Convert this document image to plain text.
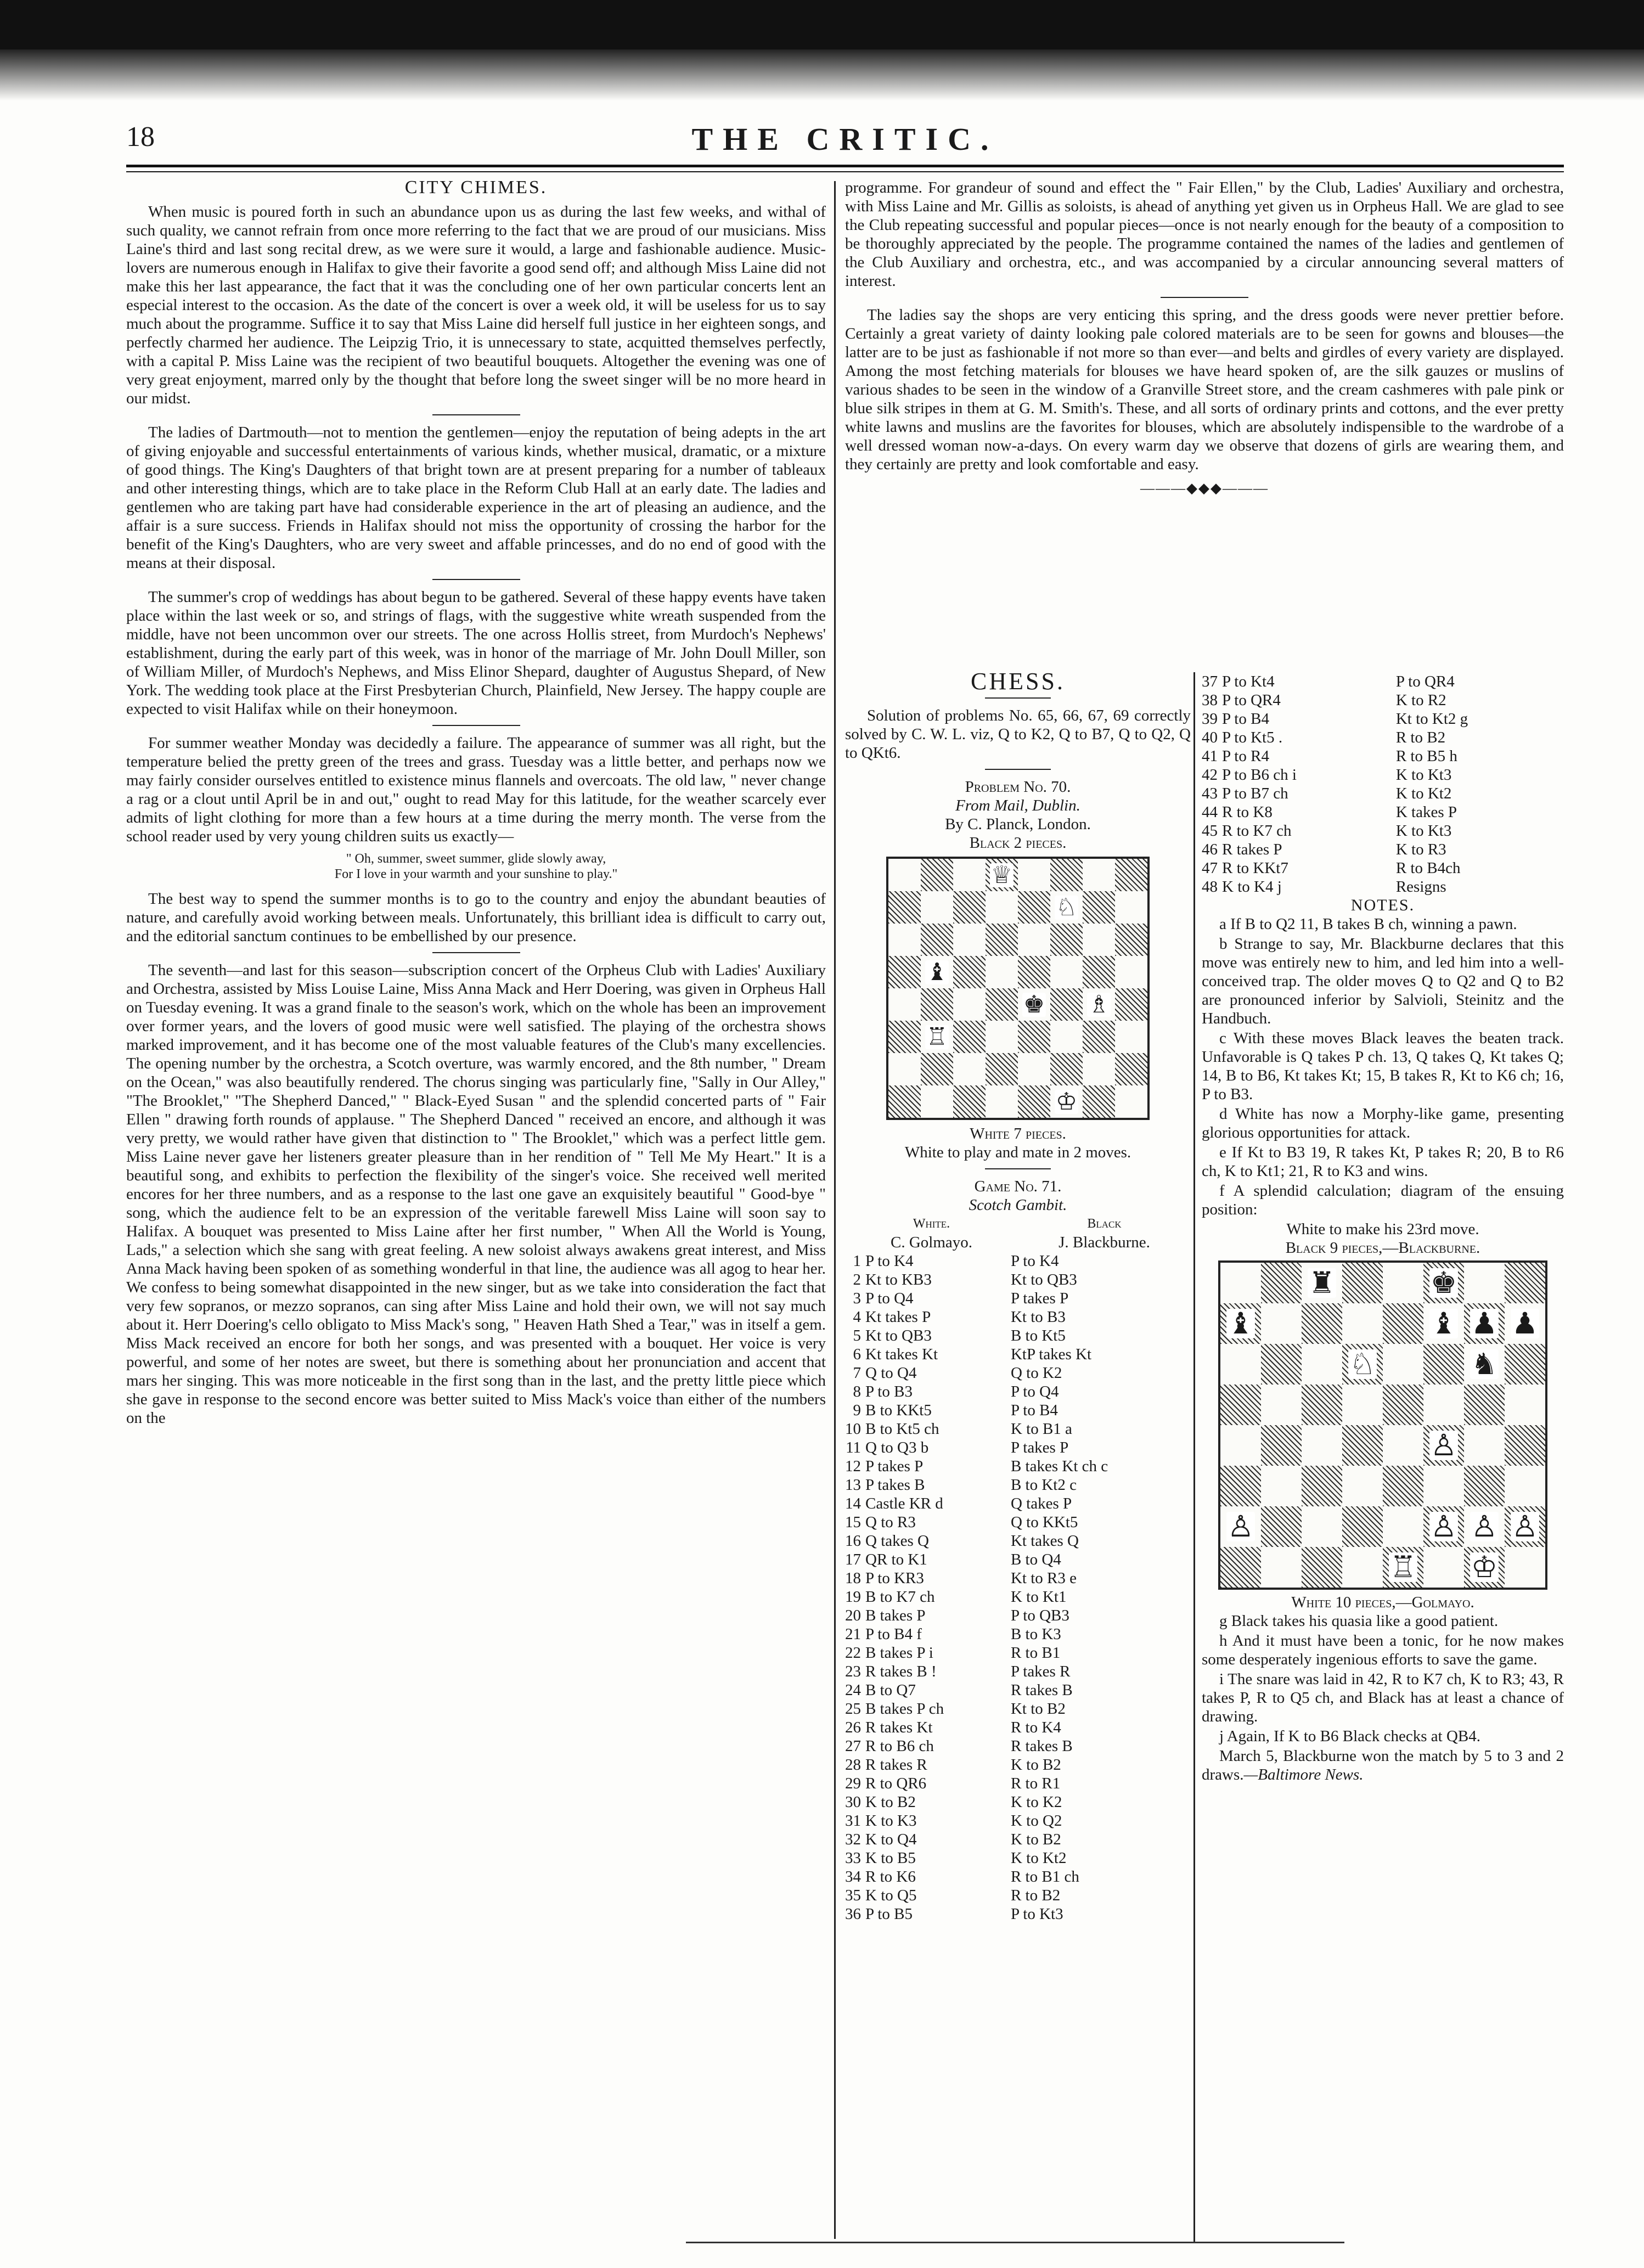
18	THE CRITIC.
CITY CHIMES.

When music is poured forth in such an abundance upon us as during the last few weeks, and withal of such quality, we cannot refrain from once more referring to the fact that we are proud of our musicians. Miss Laine's third and last song recital drew, as we were sure it would, a large and fashionable audience. Music-lovers are numerous enough in Halifax to give their favorite a good send off; and although Miss Laine did not make this her last appearance, the fact that it was the concluding one of her own particular concerts lent an especial interest to the occasion. As the date of the concert is over a week old, it will be useless for us to say much about the programme. Suffice it to say that Miss Laine did herself full justice in her eighteen songs, and perfectly charmed her audience. The Leipzig Trio, it is unnecessary to state, acquitted themselves perfectly, with a capital P. Miss Laine was the recipient of two beautiful bouquets. Altogether the evening was one of very great enjoyment, marred only by the thought that before long the sweet singer will be no more heard in our midst.

The ladies of Dartmouth—not to mention the gentlemen—enjoy the reputation of being adepts in the art of giving enjoyable and successful entertainments of various kinds, whether musical, dramatic, or a mixture of good things. The King's Daughters of that bright town are at present preparing for a number of tableaux and other interesting things, which are to take place in the Reform Club Hall at an early date. The ladies and gentlemen who are taking part have had considerable experience in the art of pleasing an audience, and the affair is a sure success. Friends in Halifax should not miss the opportunity of crossing the harbor for the benefit of the King's Daughters, who are very sweet and affable princesses, and do no end of good with the means at their disposal.

The summer's crop of weddings has about begun to be gathered. Several of these happy events have taken place within the last week or so, and strings of flags, with the suggestive white wreath suspended from the middle, have not been uncommon over our streets. The one across Hollis street, from Murdoch's Nephews' establishment, during the early part of this week, was in honor of the marriage of Mr. John Doull Miller, son of William Miller, of Murdoch's Nephews, and Miss Elinor Shepard, daughter of Augustus Shepard, of New York. The wedding took place at the First Presbyterian Church, Plainfield, New Jersey. The happy couple are expected to visit Halifax while on their honeymoon.

For summer weather Monday was decidedly a failure. The appearance of summer was all right, but the temperature belied the pretty green of the trees and grass. Tuesday was a little better, and perhaps now we may fairly consider ourselves entitled to existence minus flannels and overcoats. The old law, " never change a rag or a clout until April be in and out," ought to read May for this latitude, for the weather scarcely ever admits of light clothing for more than a few hours at a time during the merry month. The verse from the school reader used by very young children suits us exactly—

" Oh, summer, sweet summer, glide slowly away,
For I love in your warmth and your sunshine to play."

The best way to spend the summer months is to go to the country and enjoy the abundant beauties of nature, and carefully avoid working between meals. Unfortunately, this brilliant idea is difficult to carry out, and the editorial sanctum continues to be embellished by our presence.

The seventh—and last for this season—subscription concert of the Orpheus Club with Ladies' Auxiliary and Orchestra, assisted by Miss Louise Laine, Miss Anna Mack and Herr Doering, was given in Orpheus Hall on Tuesday evening. It was a grand finale to the season's work, which on the whole has been an improvement over former years, and the lovers of good music were well satisfied. The playing of the orchestra shows marked improvement, and it has become one of the most valuable features of the Club's many excellencies. The opening number by the orchestra, a Scotch overture, was warmly encored, and the 8th number, " Dream on the Ocean," was also beautifully rendered. The chorus singing was particularly fine, "Sally in Our Alley," "The Brooklet," "The Shepherd Danced," " Black-Eyed Susan " and the splendid concerted parts of " Fair Ellen " drawing forth rounds of applause. " The Shepherd Danced " received an encore, and although it was very pretty, we would rather have given that distinction to " The Brooklet," which was a perfect little gem. Miss Laine never gave her listeners greater pleasure than in her rendition of " Tell Me My Heart." It is a beautiful song, and exhibits to perfection the flexibility of the singer's voice. She received well merited encores for her three numbers, and as a response to the last one gave an exquisitely beautiful " Good-bye " song, which the audience felt to be an expression of the veritable farewell Miss Laine will soon say to Halifax. A bouquet was presented to Miss Laine after her first number, " When All the World is Young, Lads," a selection which she sang with great feeling. A new soloist always awakens great interest, and Miss Anna Mack having been spoken of as something wonderful in that line, the audience was all agog to hear her. We confess to being somewhat disappointed in the new singer, but as we take into consideration the fact that very few sopranos, or mezzo sopranos, can sing after Miss Laine and hold their own, we will not say much about it. Herr Doering's cello obligato to Miss Mack's song, " Heaven Hath Shed a Tear," was in itself a gem. Miss Mack received an encore for both her songs, and was presented with a bouquet. Her voice is very powerful, and some of her notes are sweet, but there is something about her pronunciation and accent that mars her singing. This was more noticeable in the first song than in the last, and the pretty little piece which she gave in response to the second encore was better suited to Miss Mack's voice than either of the numbers on the

programme. For grandeur of sound and effect the " Fair Ellen," by the Club, Ladies' Auxiliary and orchestra, with Miss Laine and Mr. Gillis as soloists, is ahead of anything yet given us in Orpheus Hall. We are glad to see the Club repeating successful and popular pieces—once is not nearly enough for the beauty of a composition to be thoroughly appreciated by the people. The programme contained the names of the ladies and gentlemen of the Club Auxiliary and orchestra, etc., and was accompanied by a circular announcing several matters of interest.

The ladies say the shops are very enticing this spring, and the dress goods were never prettier before. Certainly a great variety of dainty looking pale colored materials are to be seen for gowns and blouses—the latter are to be just as fashionable if not more so than ever—and belts and girdles of every variety are displayed. Among the most fetching materials for blouses we have heard spoken of, are the silk gauzes or muslins of various shades to be seen in the window of a Granville Street store, and the cream cashmeres with pale pink or blue silk stripes in them at G. M. Smith's. These, and all sorts of ordinary prints and cottons, and the ever pretty white lawns and muslins are the favorites for blouses, which are absolutely indispensible to the wardrobe of a well dressed woman now-a-days. On every warm day we observe that dozens of girls are wearing them, and they certainly are pretty and look comfortable and easy.

———◆◆◆———
CHESS.

Solution of problems No. 65, 66, 67, 69 correctly solved by C. W. L. viz, Q to K2, Q to B7, Q to Q2, Q to QKt6.

Problem No. 70.
From Mail, Dublin.
By C. Planck, London.
Black 2 pieces.
♕
♘
♝
♚ ♗
♖
♔
White 7 pieces.
White to play and mate in 2 moves.
Game No. 71.
Scotch Gambit.
White.	Black
C. Golmayo.	J. Blackburne.
1	P to K4	P to K4
2	Kt to KB3	Kt to QB3
3	P to Q4	P takes P
4	Kt takes P	Kt to B3
5	Kt to QB3	B to Kt5
6	Kt takes Kt	KtP takes Kt
7	Q to Q4	Q to K2
8	P to B3	P to Q4
9	B to KKt5	P to B4
10	B to Kt5 ch	K to B1 a
11	Q to Q3 b	P takes P
12	P takes P	B takes Kt ch c
13	P takes B	B to Kt2 c
14	Castle KR d	Q takes P
15	Q to R3	Q to KKt5
16	Q takes Q	Kt takes Q
17	QR to K1	B to Q4
18	P to KR3	Kt to R3 e
19	B to K7 ch	K to Kt1
20	B takes P	P to QB3
21	P to B4 f	B to K3
22	B takes P i	R to B1
23	R takes B !	P takes R
24	B to Q7	R takes B
25	B takes P ch	Kt to B2
26	R takes Kt	R to K4
27	R to B6 ch	R takes B
28	R takes R	K to B2
29	R to QR6	R to R1
30	K to B2	K to K2
31	K to K3	K to Q2
32	K to Q4	K to B2
33	K to B5	K to Kt2
34	R to K6	R to B1 ch
35	K to Q5	R to B2
36	P to B5	P to Kt3
37	P to Kt4	P to QR4
38	P to QR4	K to R2
39	P to B4	Kt to Kt2 g
40	P to Kt5 .	R to B2
41	P to R4	R to B5 h
42	P to B6 ch i	K to Kt3
43	P to B7 ch	K to Kt2
44	R to K8	K takes P
45	R to K7 ch	K to Kt3
46	R takes P	K to R3
47	R to KKt7	R to B4ch
48	K to K4 j	Resigns
NOTES.
a If B to Q2 11, B takes B ch, winning a pawn.
b Strange to say, Mr. Blackburne declares that this move was entirely new to him, and led him into a well-conceived trap. The older moves Q to Q2 and Q to B2 are pronounced inferior by Salvioli, Steinitz and the Handbuch.
c With these moves Black leaves the beaten track. Unfavorable is Q takes P ch. 13, Q takes Q, Kt takes Q; 14, B to B6, Kt takes Kt; 15, B takes R, Kt to K6 ch; 16, P to B3.
d White has now a Morphy-like game, presenting glorious opportunities for attack.
e If Kt to B3 19, R takes Kt, P takes R; 20, B to R6 ch, K to Kt1; 21, R to K3 and wins.
f A splendid calculation; diagram of the ensuing position:
White to make his 23rd move.
Black 9 pieces,—Blackburne.
♜	♚
♝	♝ ♟ ♟
♘	♞
♙
♙	♙ ♙ ♙
♖ ♔
White 10 pieces,—Golmayo.
g Black takes his quasia like a good patient.
h And it must have been a tonic, for he now makes some desperately ingenious efforts to save the game.
i The snare was laid in 42, R to K7 ch, K to R3; 43, R takes P, R to Q5 ch, and Black has at least a chance of drawing.
j Again, If K to B6 Black checks at QB4.
March 5, Blackburne won the match by 5 to 3 and 2 draws.—Baltimore News.
